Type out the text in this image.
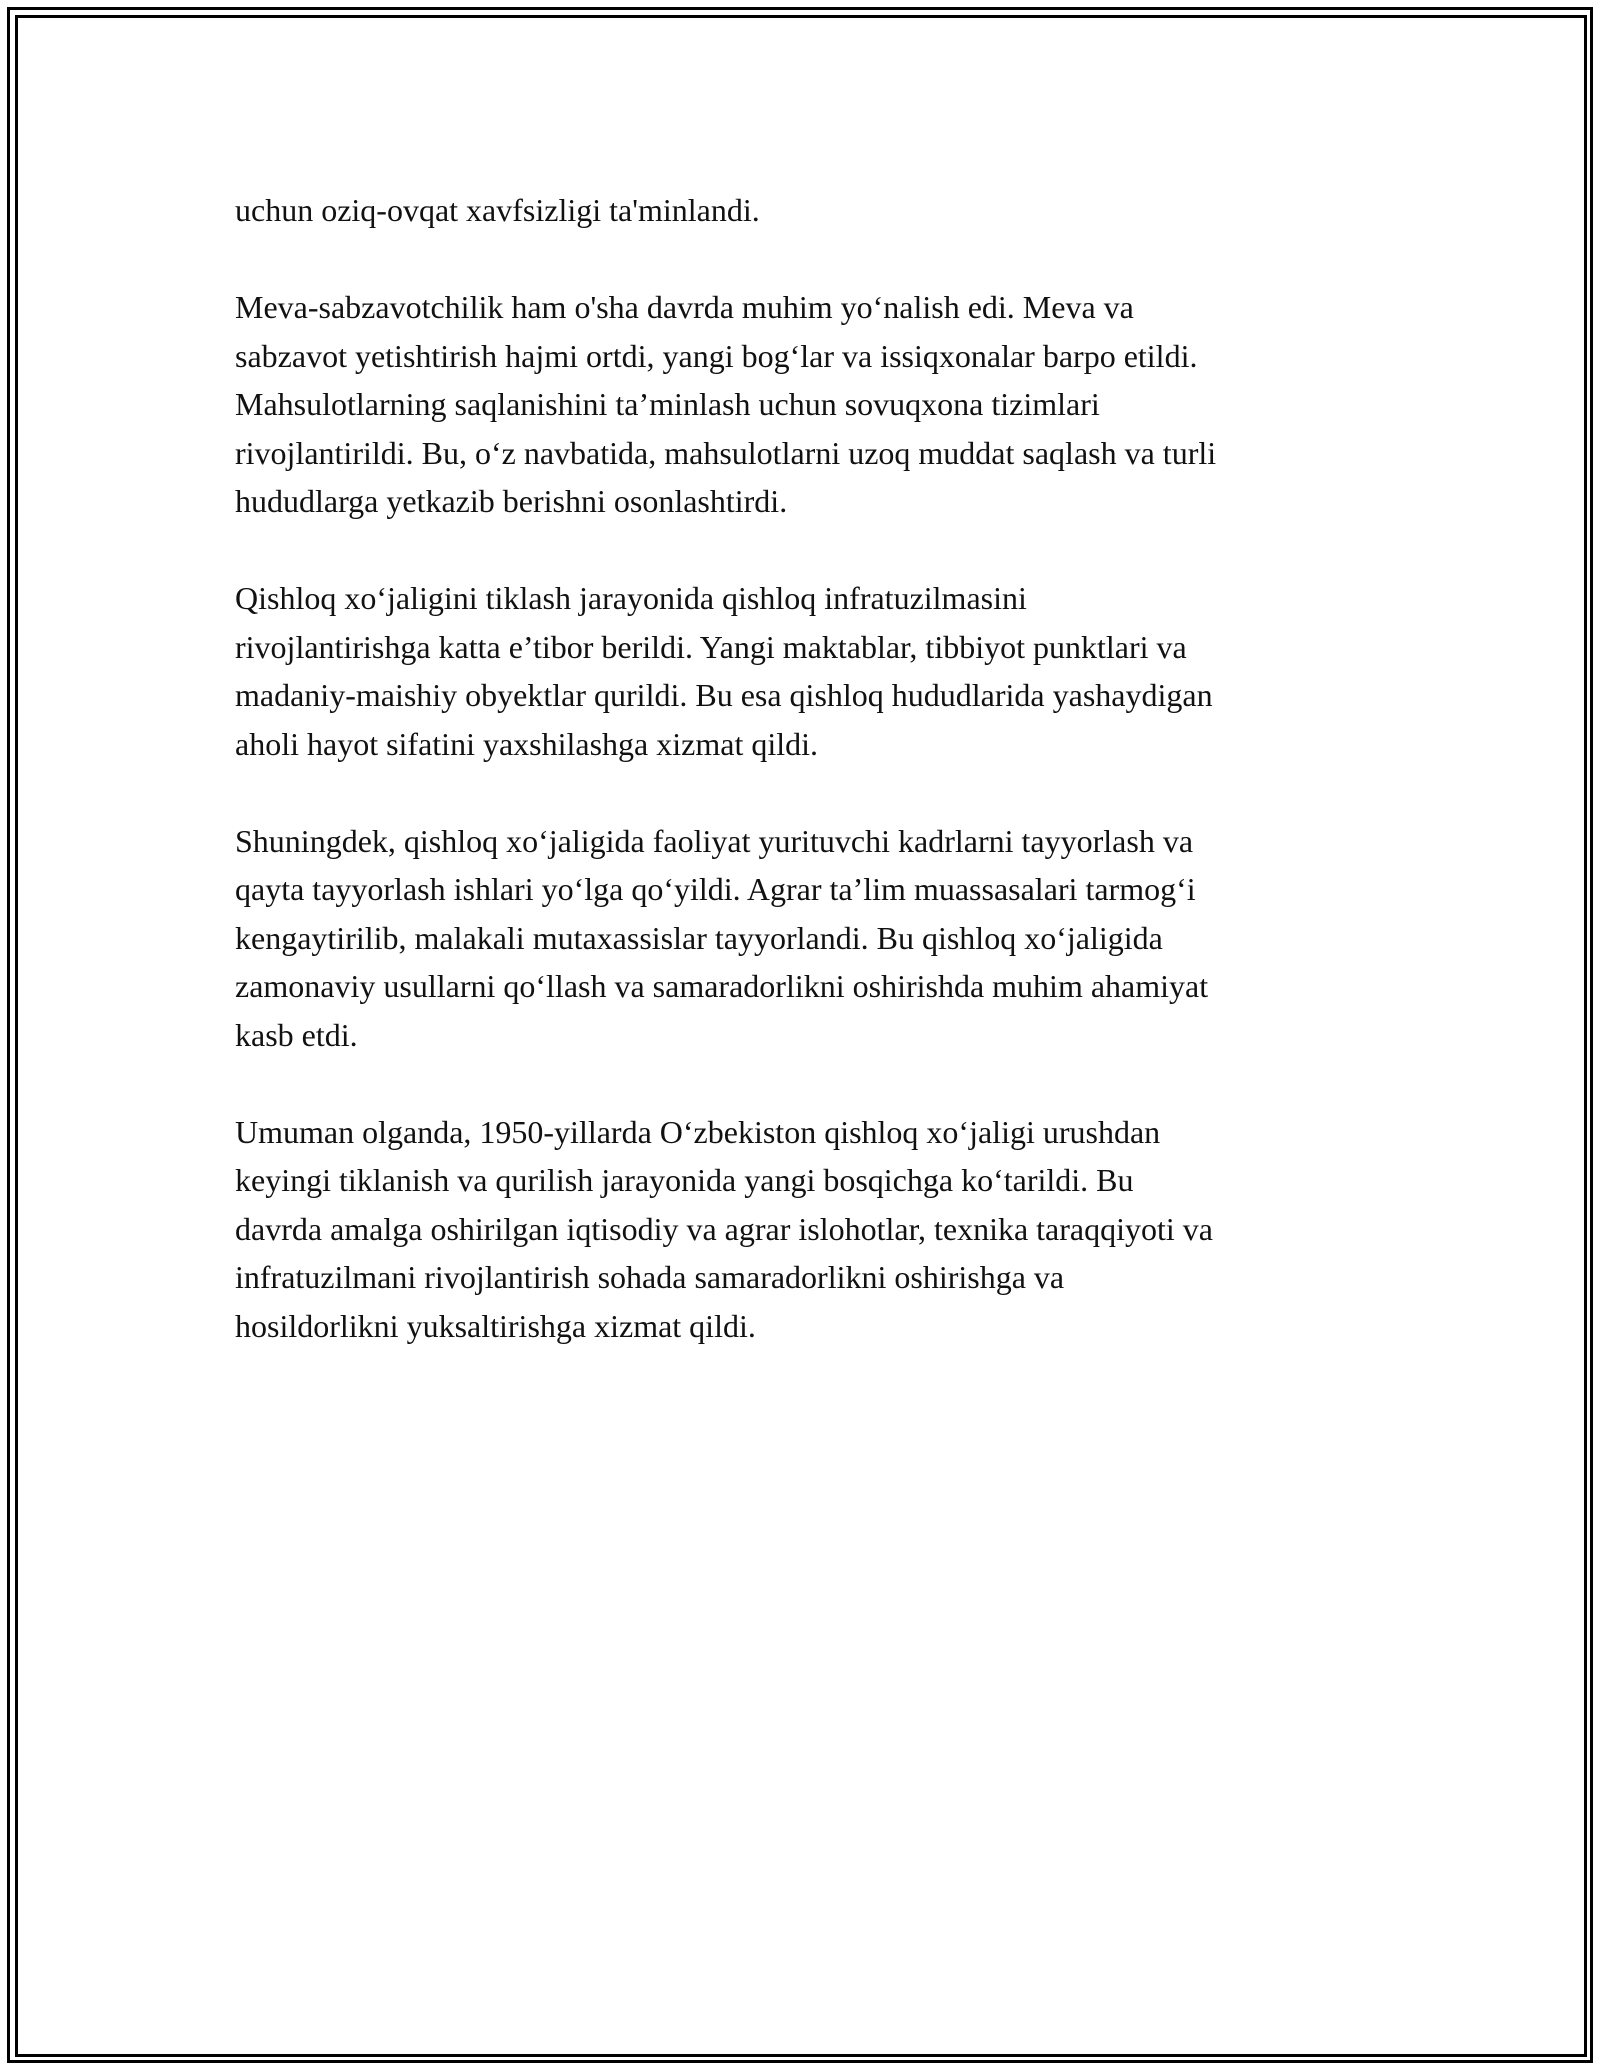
uchun oziq-ovqat xavfsizligi ta'minlandi.

Meva-sabzavotchilik ham o'sha davrda muhim yo‘nalish edi. Meva va
sabzavot yetishtirish hajmi ortdi, yangi bog‘lar va issiqxonalar barpo etildi.
Mahsulotlarning saqlanishini ta’minlash uchun sovuqxona tizimlari
rivojlantirildi. Bu, o‘z navbatida, mahsulotlarni uzoq muddat saqlash va turli
hududlarga yetkazib berishni osonlashtirdi.

Qishloq xo‘jaligini tiklash jarayonida qishloq infratuzilmasini
rivojlantirishga katta e’tibor berildi. Yangi maktablar, tibbiyot punktlari va
madaniy-maishiy obyektlar qurildi. Bu esa qishloq hududlarida yashaydigan
aholi hayot sifatini yaxshilashga xizmat qildi.

Shuningdek, qishloq xo‘jaligida faoliyat yurituvchi kadrlarni tayyorlash va
qayta tayyorlash ishlari yo‘lga qo‘yildi. Agrar ta’lim muassasalari tarmog‘i
kengaytirilib, malakali mutaxassislar tayyorlandi. Bu qishloq xo‘jaligida
zamonaviy usullarni qo‘llash va samaradorlikni oshirishda muhim ahamiyat
kasb etdi.

Umuman olganda, 1950-yillarda O‘zbekiston qishloq xo‘jaligi urushdan
keyingi tiklanish va qurilish jarayonida yangi bosqichga ko‘tarildi. Bu
davrda amalga oshirilgan iqtisodiy va agrar islohotlar, texnika taraqqiyoti va
infratuzilmani rivojlantirish sohada samaradorlikni oshirishga va
hosildorlikni yuksaltirishga xizmat qildi.
